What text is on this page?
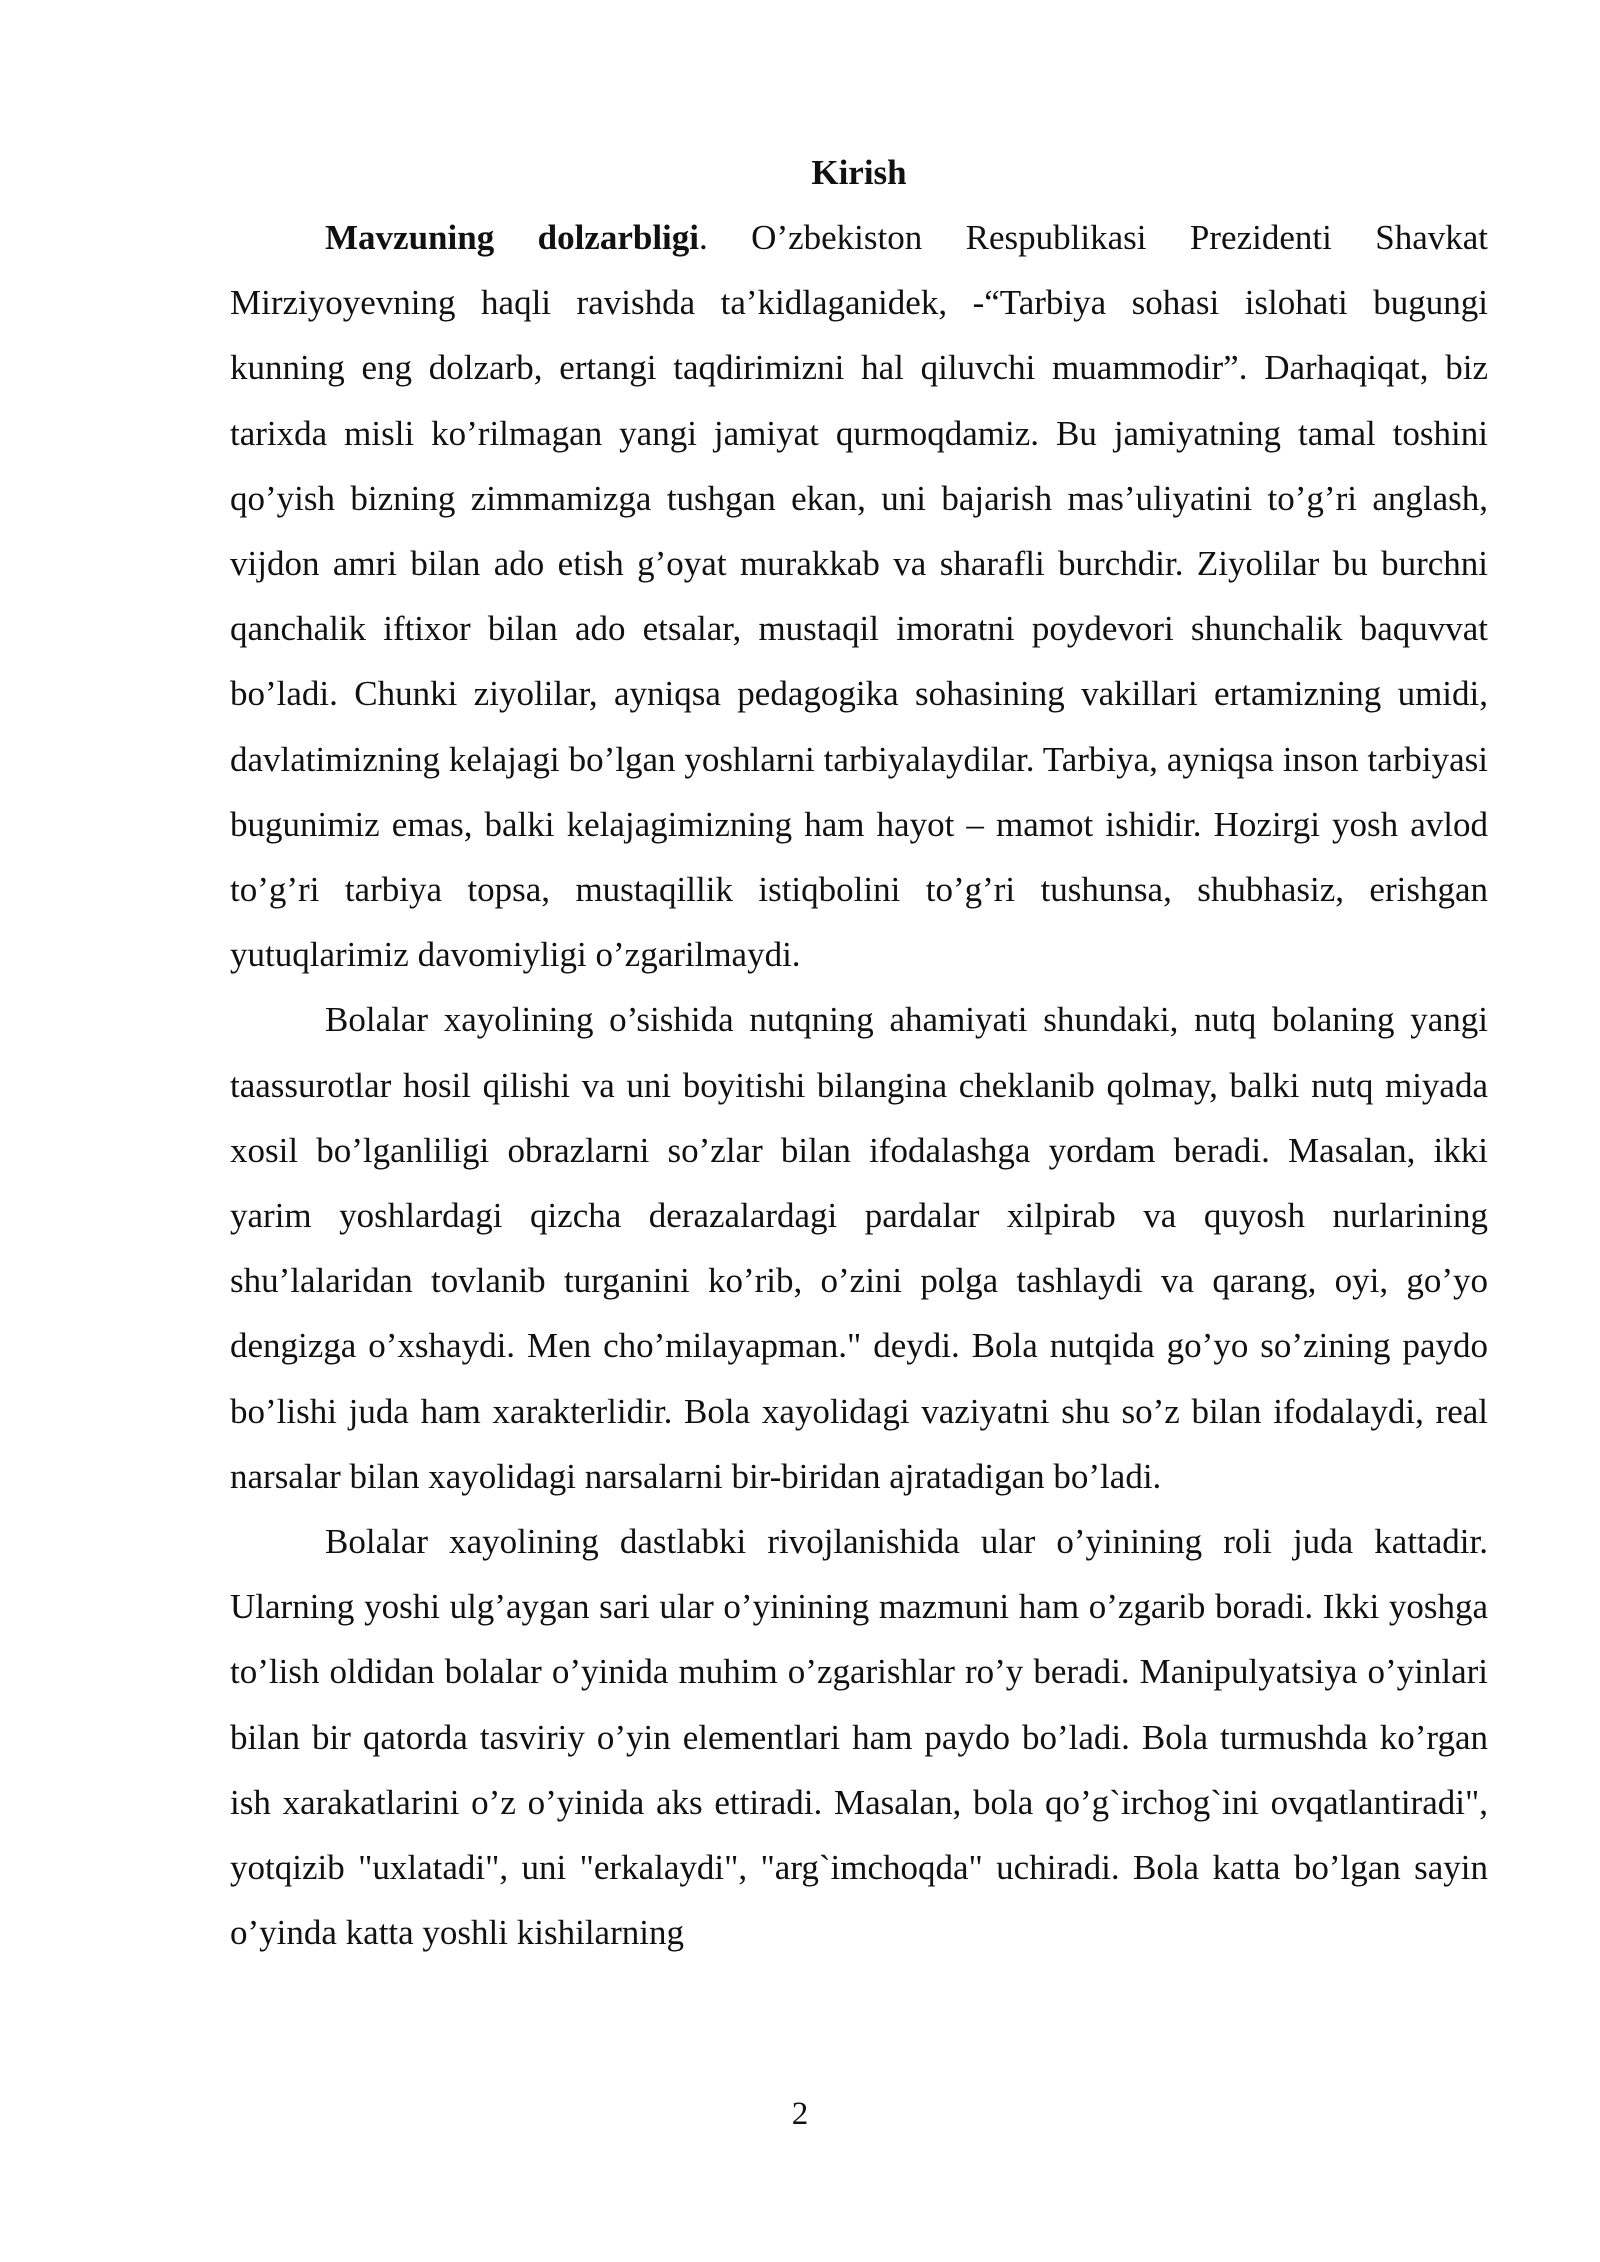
Kirish

Mavzuning dolzarbligi. O’zbekiston Respublikasi Prezidenti Shavkat Mirziyoyevning haqli ravishda ta’kidlaganidek, -“Tarbiya sohasi islohati bugungi kunning eng dolzarb, ertangi taqdirimizni hal qiluvchi muammodir”. Darhaqiqat, biz tarixda misli ko’rilmagan yangi jamiyat qurmoqdamiz. Bu jamiyatning tamal toshini qo’yish bizning zimmamizga tushgan ekan, uni bajarish mas’uliyatini to’g’ri anglash, vijdon amri bilan ado etish g’oyat murakkab va sharafli burchdir. Ziyolilar bu burchni qanchalik iftixor bilan ado etsalar, mustaqil imoratni poydevori shunchalik baquvvat bo’ladi. Chunki ziyolilar, ayniqsa pedagogika sohasining vakillari ertamizning umidi, davlatimizning kelajagi bo’lgan yoshlarni tarbiyalaydilar. Tarbiya, ayniqsa inson tarbiyasi bugunimiz emas, balki kelajagimizning ham hayot – mamot ishidir. Hozirgi yosh avlod to’g’ri tarbiya topsa, mustaqillik istiqbolini to’g’ri tushunsa, shubhasiz, erishgan yutuqlarimiz davomiyligi o’zgarilmaydi.

Bolalar xayolining o’sishida nutqning ahamiyati shundaki, nutq bolaning yangi taassurotlar hosil qilishi va uni boyitishi bilangina cheklanib qolmay, balki nutq miyada xosil bo’lganliligi obrazlarni so’zlar bilan ifodalashga yordam beradi. Masalan, ikki yarim yoshlardagi qizcha derazalardagi pardalar xilpirab va quyosh nurlarining shu’lalaridan tovlanib turganini ko’rib, o’zini polga tashlaydi va qarang, oyi, go’yo dengizga o’xshaydi. Men cho’milayapman." deydi. Bola nutqida go’yo so’zining paydo bo’lishi juda ham xarakterlidir. Bola xayolidagi vaziyatni shu so’z bilan ifodalaydi, real narsalar bilan xayolidagi narsalarni bir-biridan ajratadigan bo’ladi.

Bolalar xayolining dastlabki rivojlanishida ular o’yinining roli juda kattadir. Ularning yoshi ulg’aygan sari ular o’yinining mazmuni ham o’zgarib boradi. Ikki yoshga to’lish oldidan bolalar o’yinida muhim o’zgarishlar ro’y beradi. Manipulyatsiya o’yinlari bilan bir qatorda tasviriy o’yin elementlari ham paydo bo’ladi. Bola turmushda ko’rgan ish xarakatlarini o’z o’yinida aks ettiradi. Masalan, bola qo’g`irchog`ini ovqatlantiradi", yotqizib "uxlatadi", uni "erkalaydi", "arg`imchoqda" uchiradi. Bola katta bo’lgan sayin o’yinda katta yoshli kishilarning

2
